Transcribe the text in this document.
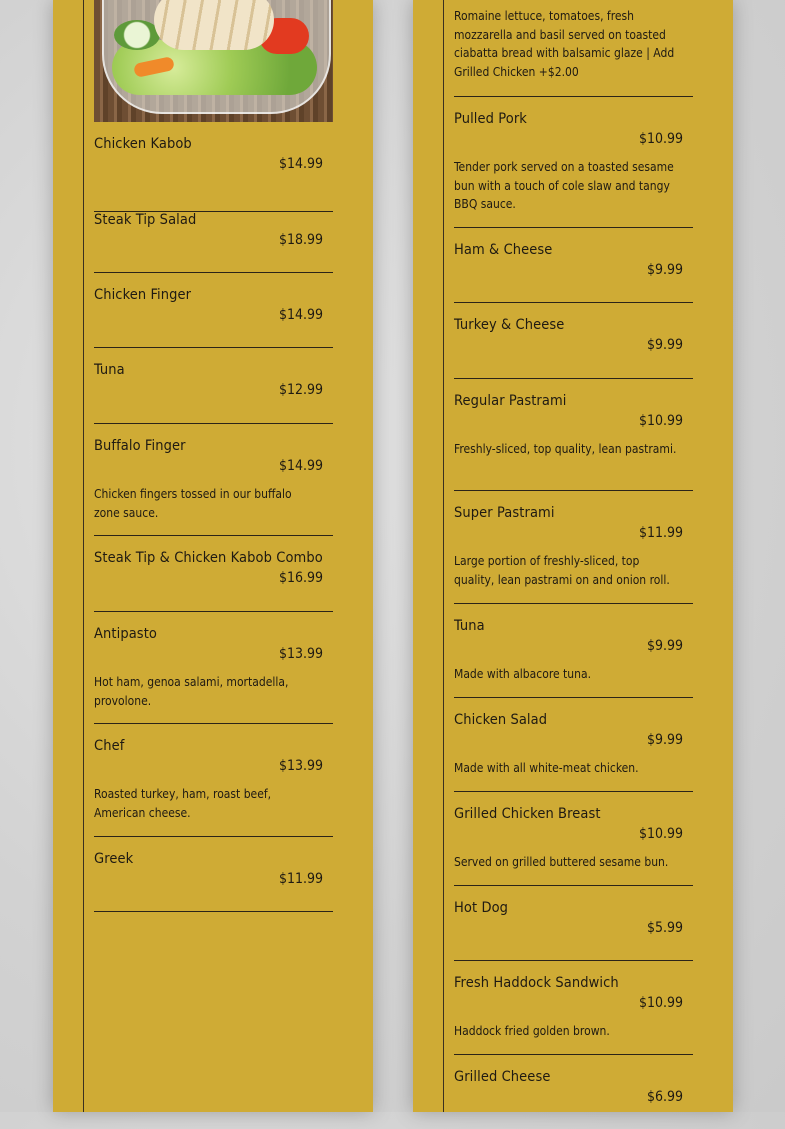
Chicken Kabob
$14.99
Steak Tip Salad
$18.99
Chicken Finger
$14.99
Tuna
$12.99
Buffalo Finger
$14.99
Chicken fingers tossed in our buffalo zone sauce.
Steak Tip & Chicken Kabob Combo
$16.99
Antipasto
$13.99
Hot ham, genoa salami, mortadella, provolone.
Chef
$13.99
Roasted turkey, ham, roast beef, American cheese.
Greek
$11.99
Romaine lettuce, tomatoes, fresh mozzarella and basil served on toasted ciabatta bread with balsamic glaze | Add Grilled Chicken +$2.00
Pulled Pork
$10.99
Tender pork served on a toasted sesame bun with a touch of cole slaw and tangy BBQ sauce.
Ham & Cheese
$9.99
Turkey & Cheese
$9.99
Regular Pastrami
$10.99
Freshly-sliced, top quality, lean pastrami.
Super Pastrami
$11.99
Large portion of freshly-sliced, top quality, lean pastrami on and onion roll.
Tuna
$9.99
Made with albacore tuna.
Chicken Salad
$9.99
Made with all white-meat chicken.
Grilled Chicken Breast
$10.99
Served on grilled buttered sesame bun.
Hot Dog
$5.99
Fresh Haddock Sandwich
$10.99
Haddock fried golden brown.
Grilled Cheese
$6.99
